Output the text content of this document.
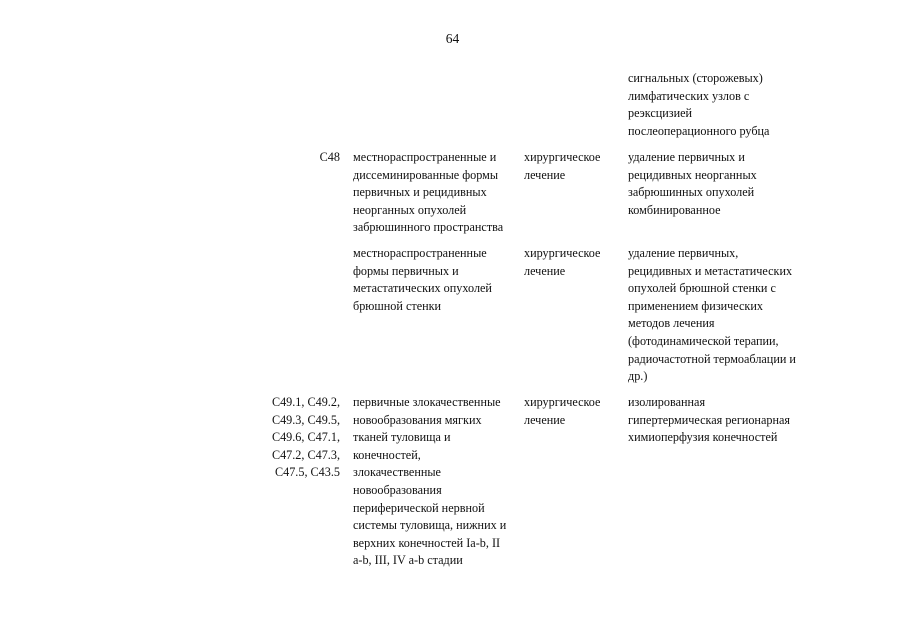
64
сигнальных (сторожевых)
лимфатических узлов с
реэксцизией
послеоперационного рубца
C48 местнораспространенные и
диссеминированные формы
первичных и рецидивных
неорганных опухолей
забрюшинного пространства
хирургическое
лечение
удаление первичных и
рецидивных неорганных
забрюшинных опухолей
комбинированное
местнораспространенные
формы первичных и
метастатических опухолей
брюшной стенки
хирургическое
лечение
удаление первичных,
рецидивных и метастатических
опухолей брюшной стенки с
применением физических
методов лечения
(фотодинамической терапии,
радиочастотной термоаблации и
др.)
C49.1, C49.2,
C49.3, C49.5,
C49.6, C47.1,
C47.2, C47.3,
C47.5, C43.5
первичные злокачественные
новообразования мягких
тканей туловища и
конечностей,
злокачественные
новообразования
периферической нервной
системы туловища, нижних и
верхних конечностей Ia-b, II
a-b, III, IV a-b стадии
хирургическое
лечение
изолированная
гипертермическая регионарная
химиоперфузия конечностей
